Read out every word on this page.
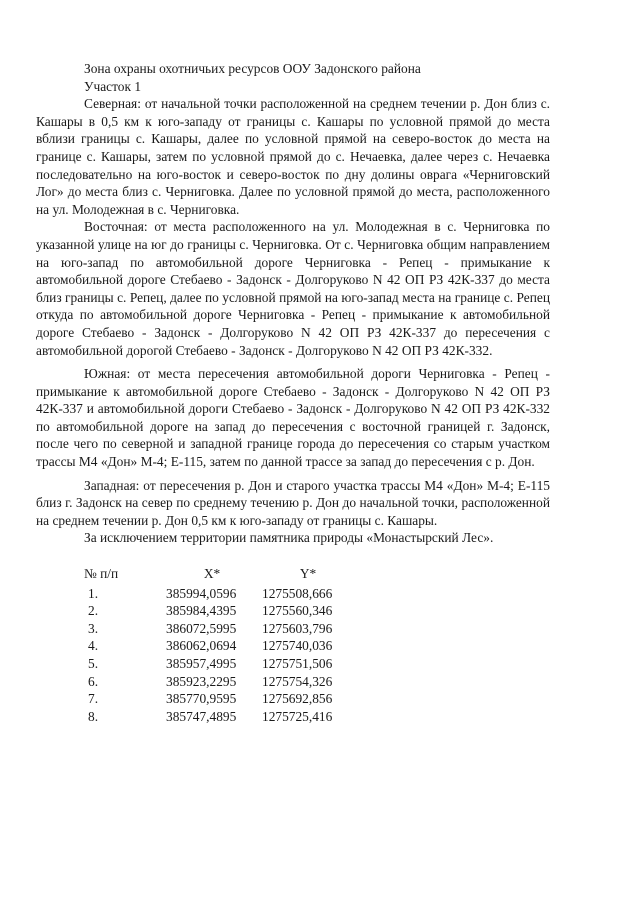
Зона охраны охотничьих ресурсов ООУ Задонского района

Участок 1

Северная: от начальной точки расположенной на среднем течении р. Дон близ с. Кашары в 0,5 км к юго-западу от границы с. Кашары по условной прямой до места вблизи границы с. Кашары, далее по условной прямой на северо-восток до места на границе с. Кашары, затем по условной прямой до с. Нечаевка, далее через с. Нечаевка последовательно на юго-восток и северо-восток по дну долины оврага «Черниговский Лог» до места близ с. Черниговка. Далее по условной прямой до места, расположенного на ул. Молодежная в с. Черниговка.

Восточная: от места расположенного на ул. Молодежная в с. Черниговка по указанной улице на юг до границы с. Черниговка. От с. Черниговка общим направлением на юго-запад по автомобильной дороге Черниговка - Репец - примыкание к автомобильной дороге Стебаево - Задонск - Долгоруково N 42 ОП РЗ 42К-337 до места близ границы с. Репец, далее по условной прямой на юго-запад места на границе с. Репец откуда по автомобильной дороге Черниговка - Репец - примыкание к автомобильной дороге Стебаево - Задонск - Долгоруково N 42 ОП РЗ 42К-337 до пересечения с автомобильной дорогой Стебаево - Задонск - Долгоруково N 42 ОП РЗ 42К-332.

Южная: от места пересечения автомобильной дороги Черниговка - Репец - примыкание к автомобильной дороге Стебаево - Задонск - Долгоруково N 42 ОП РЗ 42К-337 и автомобильной дороги Стебаево - Задонск - Долгоруково N 42 ОП РЗ 42К-332 по автомобильной дороге на запад до пересечения с восточной границей г. Задонск, после чего по северной и западной границе города до пересечения со старым участком трассы М4 «Дон» М-4; Е-115, затем по данной трассе за запад до пересечения с р. Дон.

Западная: от пересечения р. Дон и старого участка трассы М4 «Дон» М-4; Е-115 близ г. Задонск на север по среднему течению р. Дон до начальной точки, расположенной на среднем течении р. Дон 0,5 км к юго-западу от границы с. Кашары.

За исключением территории памятника природы «Монастырский Лес».

№ п/п	X*	Y*
1.	385994,0596	1275508,666
2.	385984,4395	1275560,346
3.	386072,5995	1275603,796
4.	386062,0694	1275740,036
5.	385957,4995	1275751,506
6.	385923,2295	1275754,326
7.	385770,9595	1275692,856
8.	385747,4895	1275725,416
